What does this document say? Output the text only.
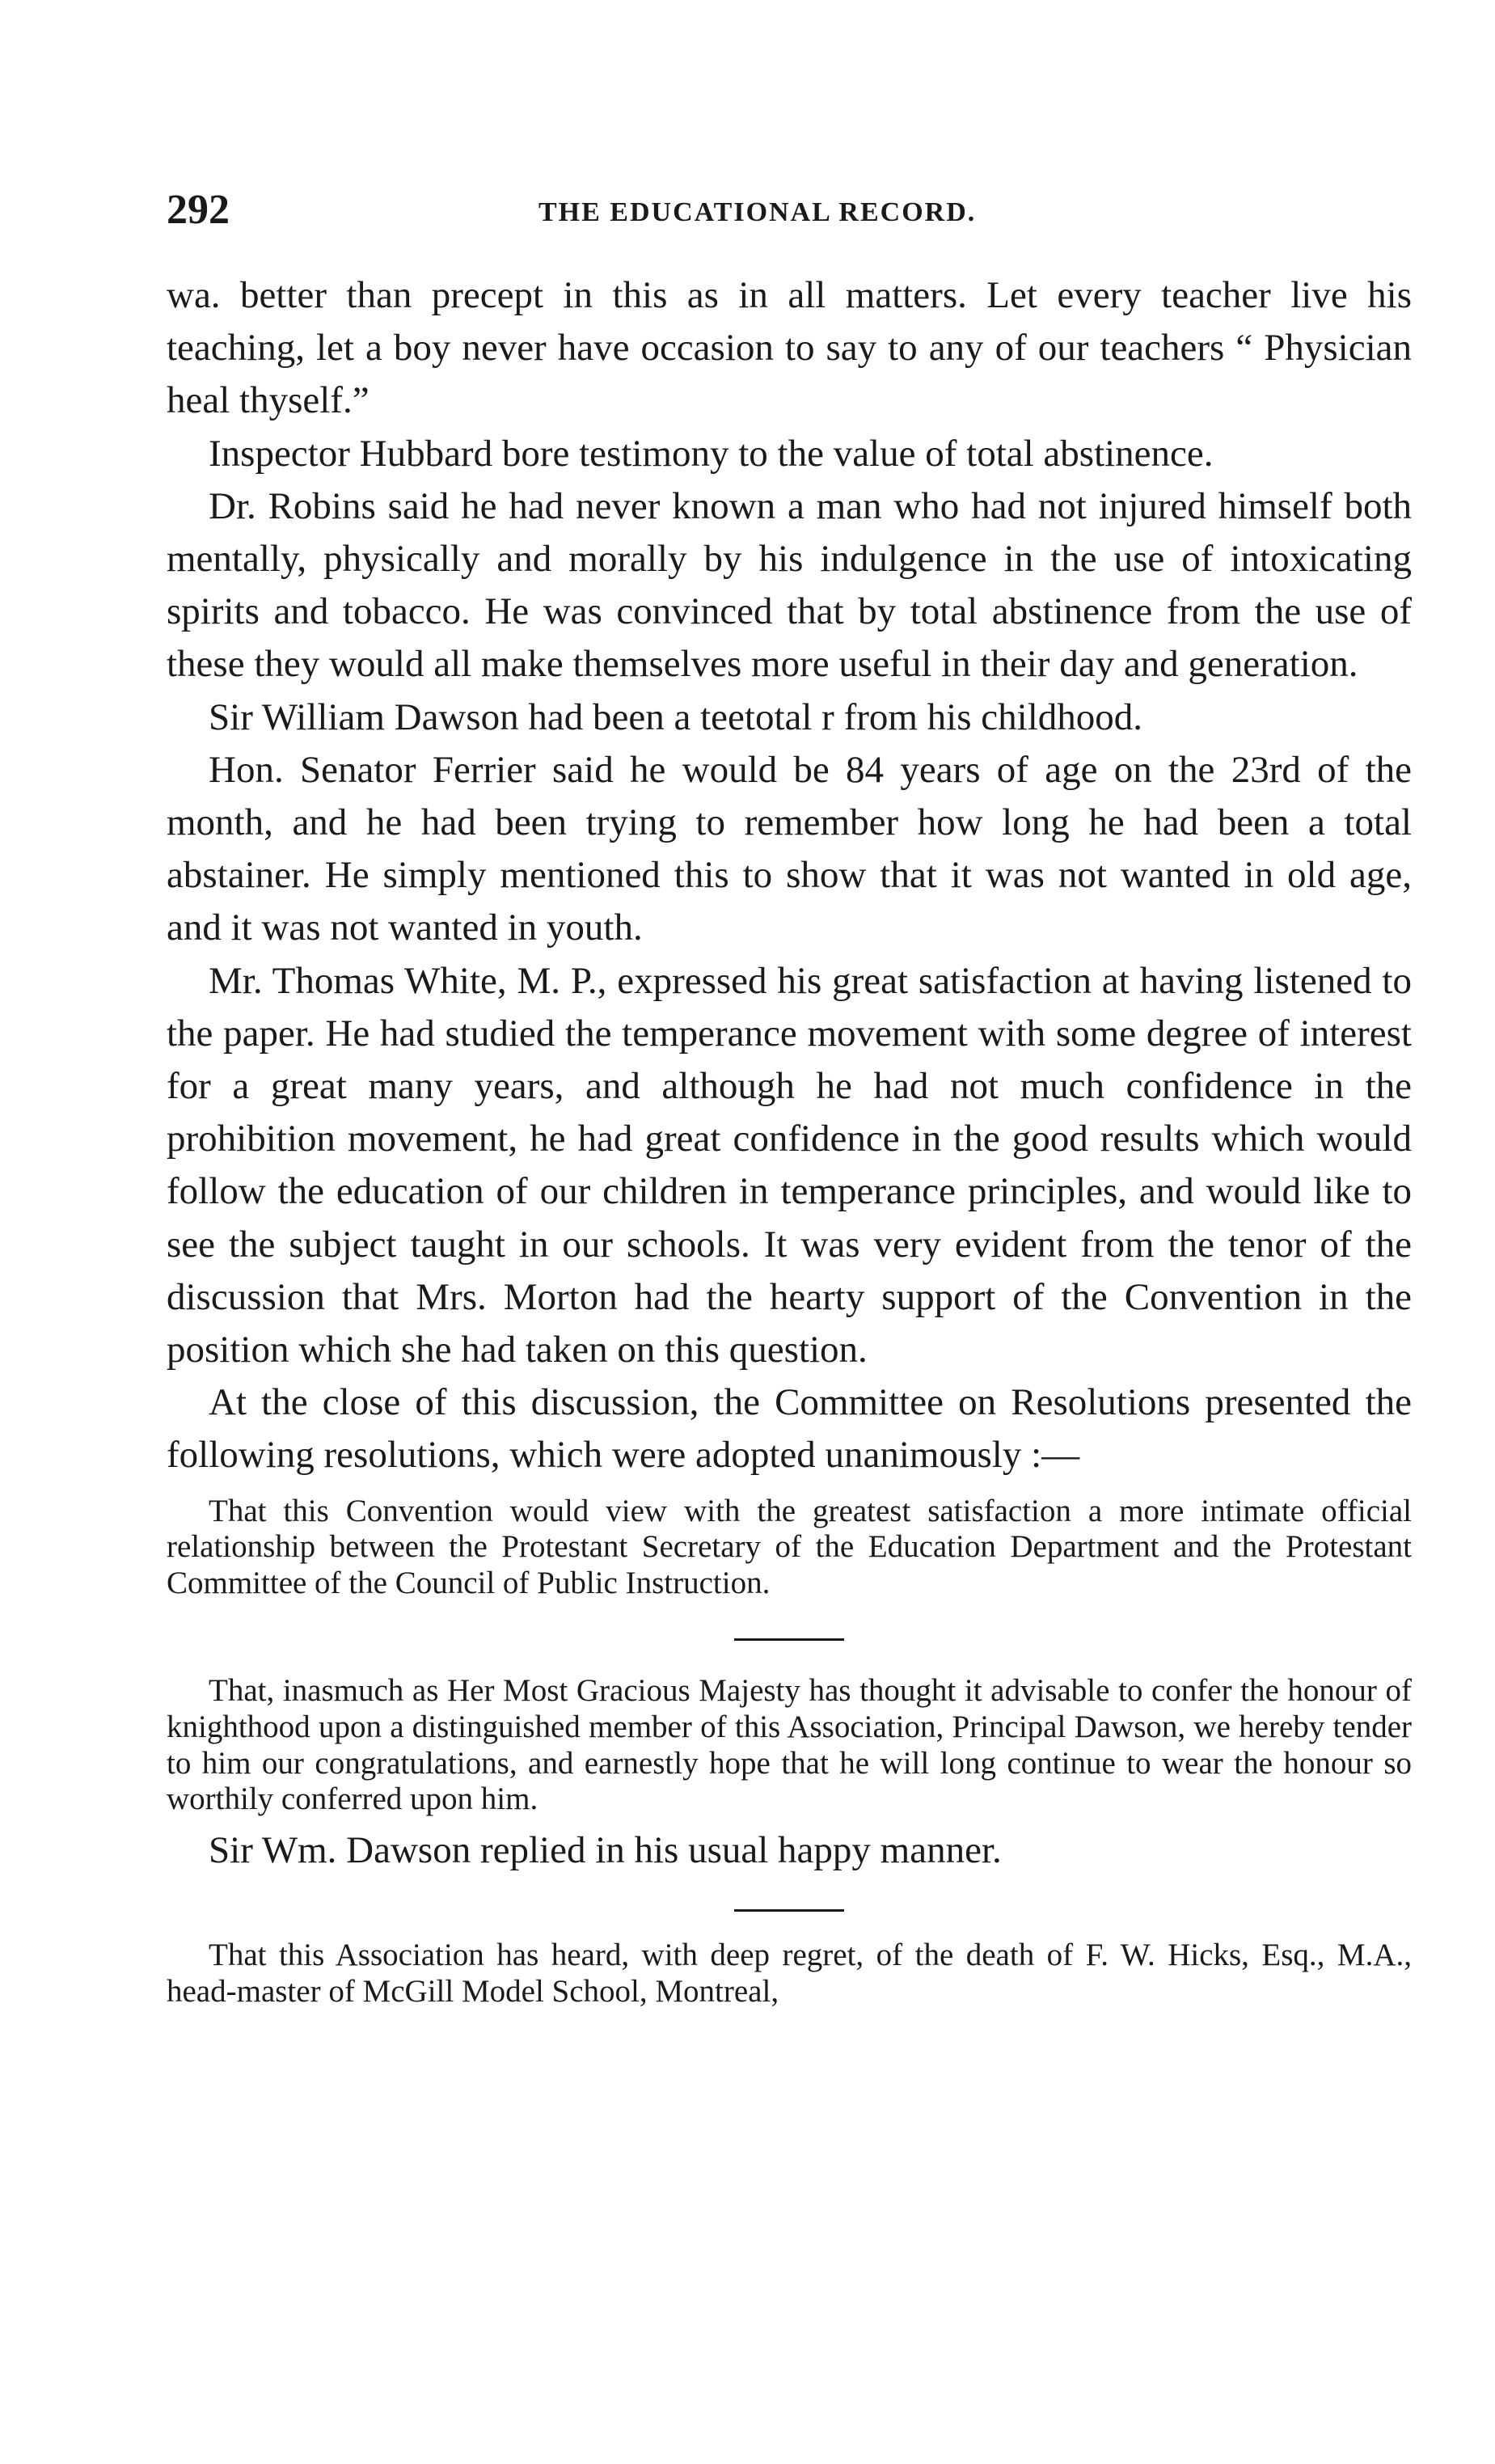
292	THE EDUCATIONAL RECORD.

wa. better than precept in this as in all matters. Let every teacher live his teaching, let a boy never have occasion to say to any of our teachers “ Physician heal thyself.”

Inspector Hubbard bore testimony to the value of total abstinence.

Dr. Robins said he had never known a man who had not injured himself both mentally, physically and morally by his indulgence in the use of intoxicating spirits and tobacco. He was convinced that by total abstinence from the use of these they would all make themselves more useful in their day and generation.

Sir William Dawson had been a teetotal r from his childhood.

Hon. Senator Ferrier said he would be 84 years of age on the 23rd of the month, and he had been trying to remember how long he had been a total abstainer. He simply mentioned this to show that it was not wanted in old age, and it was not wanted in youth.

Mr. Thomas White, M. P., expressed his great satisfaction at having listened to the paper. He had studied the temperance movement with some degree of interest for a great many years, and although he had not much confidence in the prohibition movement, he had great confidence in the good results which would follow the education of our children in temperance principles, and would like to see the subject taught in our schools. It was very evident from the tenor of the discussion that Mrs. Morton had the hearty support of the Convention in the position which she had taken on this question.

At the close of this discussion, the Committee on Resolutions presented the following resolutions, which were adopted unanimously :—

That this Convention would view with the greatest satisfaction a more intimate official relationship between the Protestant Secretary of the Education Department and the Protestant Committee of the Council of Public Instruction.

That, inasmuch as Her Most Gracious Majesty has thought it advisable to confer the honour of knighthood upon a distinguished member of this Association, Principal Dawson, we hereby tender to him our congratulations, and earnestly hope that he will long continue to wear the honour so worthily conferred upon him.

Sir Wm. Dawson replied in his usual happy manner.

That this Association has heard, with deep regret, of the death of F. W. Hicks, Esq., M.A., head-master of McGill Model School, Montreal,
